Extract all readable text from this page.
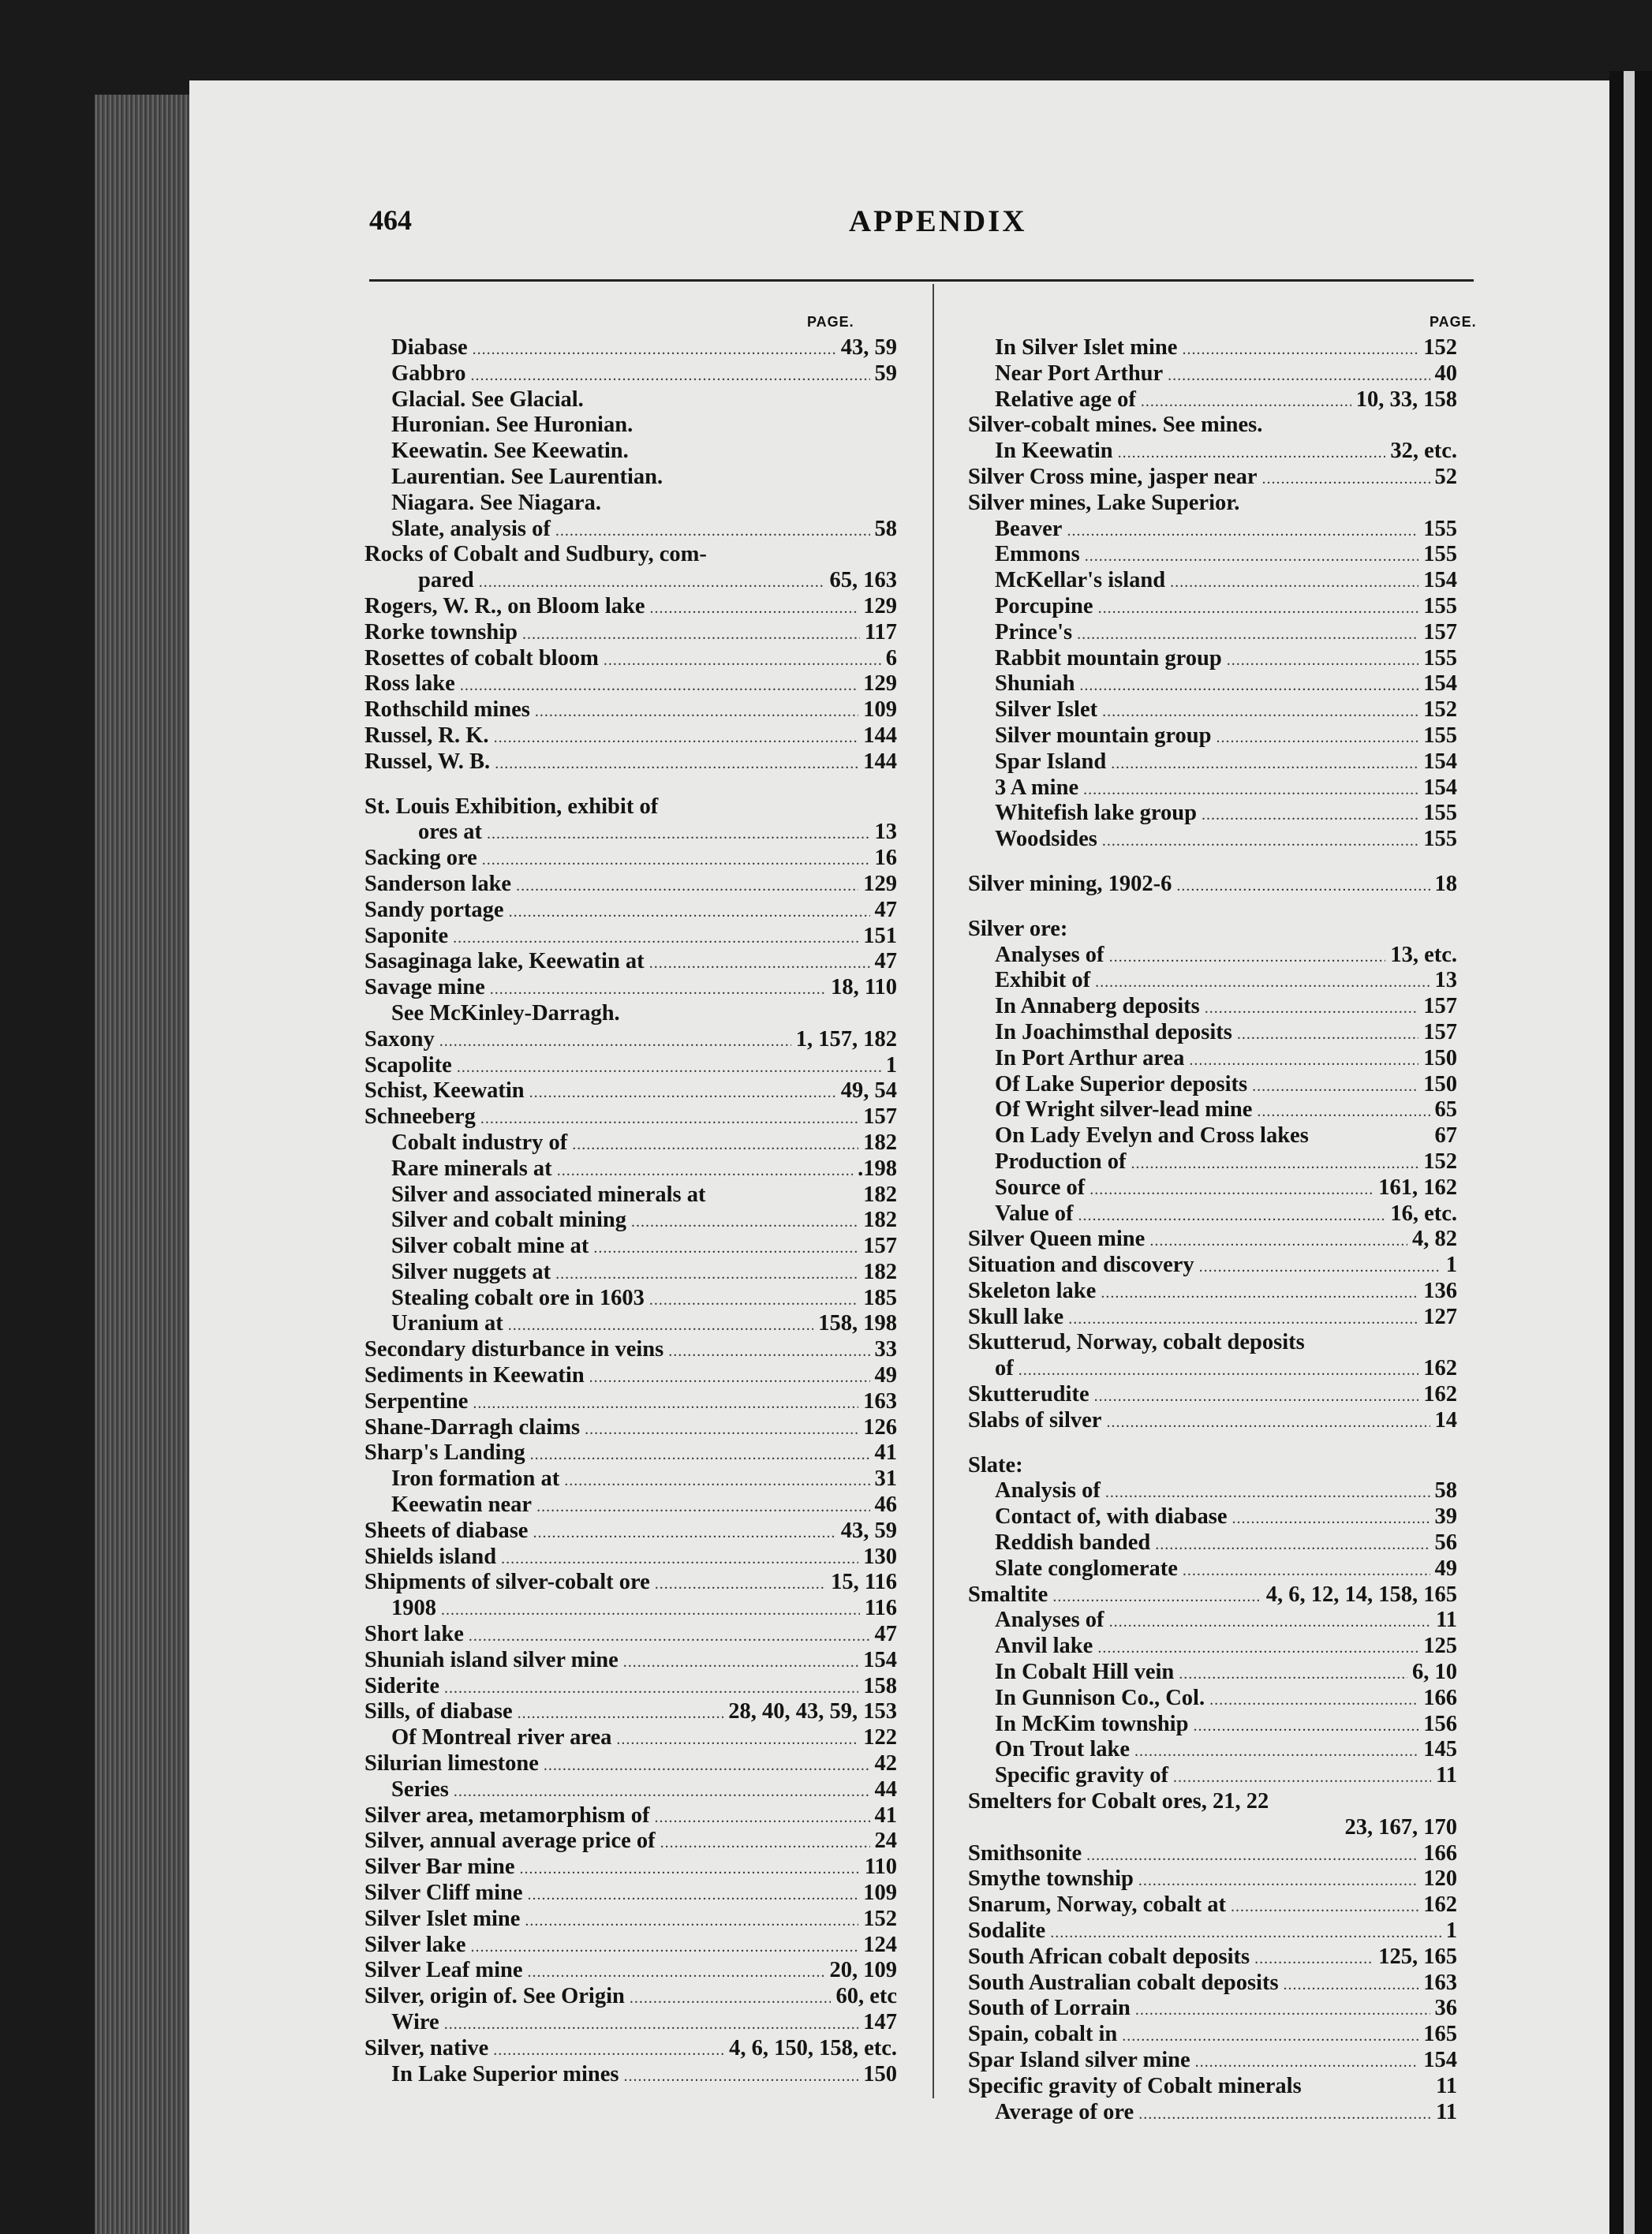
464	APPENDIX
PAGE.	PAGE.
Diabase .....	43, 59
Gabbro .....	59
Glacial. See Glacial.
Huronian. See Huronian.
Keewatin. See Keewatin.
Laurentian. See Laurentian.
Niagara. See Niagara.
Slate, analysis of .....	58
Rocks of Cobalt and Sudbury, com-
pared .....	65, 163
Rogers, W. R., on Bloom lake .....	129
Rorke township .....	117
Rosettes of cobalt bloom .....	6
Ross lake .....	129
Rothschild mines .....	109
Russel, R. K. .....	144
Russel, W. B. .....	144
St. Louis Exhibition, exhibit of
ores at .....	13
Sacking ore .....	16
Sanderson lake .....	129
Sandy portage .....	47
Saponite .....	151
Sasaginaga lake, Keewatin at .....	47
Savage mine .....	18, 110
See McKinley-Darragh.
Saxony .....	1, 157, 182
Scapolite .....	1
Schist, Keewatin .....	49, 54
Schneeberg .....	157
Cobalt industry of .....	182
Rare minerals at .....	.198
Silver and associated minerals at	182
Silver and cobalt mining .....	182
Silver cobalt mine at .....	157
Silver nuggets at .....	182
Stealing cobalt ore in 1603 .....	185
Uranium at .....	158, 198
Secondary disturbance in veins .....	33
Sediments in Keewatin .....	49
Serpentine .....	163
Shane-Darragh claims .....	126
Sharp's Landing .....	41
Iron formation at .....	31
Keewatin near .....	46
Sheets of diabase .....	43, 59
Shields island .....	130
Shipments of silver-cobalt ore .....	15, 116
1908 .....	116
Short lake .....	47
Shuniah island silver mine .....	154
Siderite .....	158
Sills, of diabase .....	28, 40, 43, 59, 153
Of Montreal river area .....	122
Silurian limestone .....	42
Series .....	44
Silver area, metamorphism of .....	41
Silver, annual average price of .....	24
Silver Bar mine .....	110
Silver Cliff mine .....	109
Silver Islet mine .....	152
Silver lake .....	124
Silver Leaf mine .....	20, 109
Silver, origin of. See Origin .....	60, etc
Wire .....	147
Silver, native .....	4, 6, 150, 158, etc.
In Lake Superior mines .....	150
In Silver Islet mine .....	152
Near Port Arthur .....	40
Relative age of .....	10, 33, 158
Silver-cobalt mines. See mines.
In Keewatin .....	32, etc.
Silver Cross mine, jasper near .....	52
Silver mines, Lake Superior.
Beaver .....	155
Emmons .....	155
McKellar's island .....	154
Porcupine .....	155
Prince's .....	157
Rabbit mountain group .....	155
Shuniah .....	154
Silver Islet .....	152
Silver mountain group .....	155
Spar Island .....	154
3 A mine .....	154
Whitefish lake group .....	155
Woodsides .....	155
Silver mining, 1902-6 .....	18
Silver ore:
Analyses of .....	13, etc.
Exhibit of .....	13
In Annaberg deposits .....	157
In Joachimsthal deposits .....	157
In Port Arthur area .....	150
Of Lake Superior deposits .....	150
Of Wright silver-lead mine .....	65
On Lady Evelyn and Cross lakes	67
Production of .....	152
Source of .....	161, 162
Value of .....	16, etc.
Silver Queen mine .....	4, 82
Situation and discovery .....	1
Skeleton lake .....	136
Skull lake .....	127
Skutterud, Norway, cobalt deposits
of .....	162
Skutterudite .....	162
Slabs of silver .....	14
Slate:
Analysis of .....	58
Contact of, with diabase .....	39
Reddish banded .....	56
Slate conglomerate .....	49
Smaltite .....	4, 6, 12, 14, 158, 165
Analyses of .....	11
Anvil lake .....	125
In Cobalt Hill vein .....	6, 10
In Gunnison Co., Col. .....	166
In McKim township .....	156
On Trout lake .....	145
Specific gravity of .....	11
Smelters for Cobalt ores, 21, 22
23, 167, 170
Smithsonite .....	166
Smythe township .....	120
Snarum, Norway, cobalt at .....	162
Sodalite .....	1
South African cobalt deposits .....	125, 165
South Australian cobalt deposits .....	163
South of Lorrain .....	36
Spain, cobalt in .....	165
Spar Island silver mine .....	154
Specific gravity of Cobalt minerals	11
Average of ore .....	11
